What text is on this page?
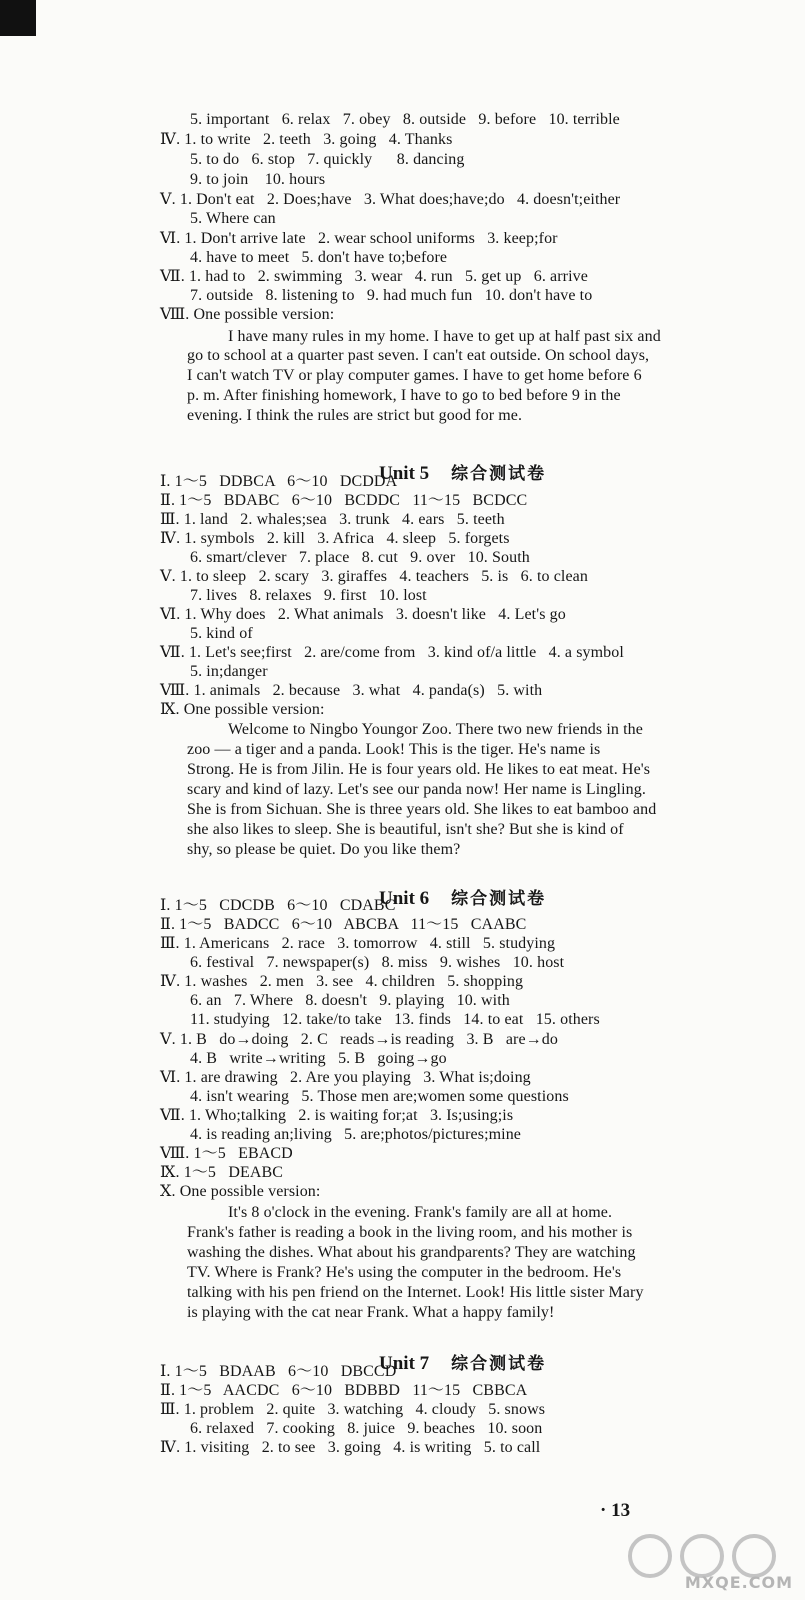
5. important   6. relax   7. obey   8. outside   9. before   10. terrible
Ⅳ. 1. to write   2. teeth   3. going   4. Thanks
5. to do   6. stop   7. quickly      8. dancing
9. to join    10. hours
Ⅴ. 1. Don't eat   2. Does;have   3. What does;have;do   4. doesn't;either
5. Where can
Ⅵ. 1. Don't arrive late   2. wear school uniforms   3. keep;for
4. have to meet   5. don't have to;before
Ⅶ. 1. had to   2. swimming   3. wear   4. run   5. get up   6. arrive
7. outside   8. listening to   9. had much fun   10. don't have to
Ⅷ. One possible version:
I have many rules in my home. I have to get up at half past six and
go to school at a quarter past seven. I can't eat outside. On school days,
I can't watch TV or play computer games. I have to get home before 6
p. m. After finishing homework, I have to go to bed before 9 in the
evening. I think the rules are strict but good for me.

Unit 5 综合测试卷

Ⅰ. 1～5   DDBCA   6～10   DCDDA
Ⅱ. 1～5   BDABC   6～10   BCDDC   11～15   BCDCC
Ⅲ. 1. land   2. whales;sea   3. trunk   4. ears   5. teeth
Ⅳ. 1. symbols   2. kill   3. Africa   4. sleep   5. forgets
6. smart/clever   7. place   8. cut   9. over   10. South
Ⅴ. 1. to sleep   2. scary   3. giraffes   4. teachers   5. is   6. to clean
7. lives   8. relaxes   9. first   10. lost
Ⅵ. 1. Why does   2. What animals   3. doesn't like   4. Let's go
5. kind of
Ⅶ. 1. Let's see;first   2. are/come from   3. kind of/a little   4. a symbol
5. in;danger
Ⅷ. 1. animals   2. because   3. what   4. panda(s)   5. with
Ⅸ. One possible version:
Welcome to Ningbo Youngor Zoo. There two new friends in the
zoo — a tiger and a panda. Look! This is the tiger. He's name is
Strong. He is from Jilin. He is four years old. He likes to eat meat. He's
scary and kind of lazy. Let's see our panda now! Her name is Lingling.
She is from Sichuan. She is three years old. She likes to eat bamboo and
she also likes to sleep. She is beautiful, isn't she? But she is kind of
shy, so please be quiet. Do you like them?

Unit 6 综合测试卷

Ⅰ. 1～5   CDCDB   6～10   CDABC
Ⅱ. 1～5   BADCC   6～10   ABCBA   11～15   CAABC
Ⅲ. 1. Americans   2. race   3. tomorrow   4. still   5. studying
6. festival   7. newspaper(s)   8. miss   9. wishes   10. host
Ⅳ. 1. washes   2. men   3. see   4. children   5. shopping
6. an   7. Where   8. doesn't   9. playing   10. with
11. studying   12. take/to take   13. finds   14. to eat   15. others
Ⅴ. 1. B   do→doing   2. C   reads→is reading   3. B   are→do
4. B   write→writing   5. B   going→go
Ⅵ. 1. are drawing   2. Are you playing   3. What is;doing
4. isn't wearing   5. Those men are;women some questions
Ⅶ. 1. Who;talking   2. is waiting for;at   3. Is;using;is
4. is reading an;living   5. are;photos/pictures;mine
Ⅷ. 1～5   EBACD
Ⅸ. 1～5   DEABC
Ⅹ. One possible version:
It's 8 o'clock in the evening. Frank's family are all at home.
Frank's father is reading a book in the living room, and his mother is
washing the dishes. What about his grandparents? They are watching
TV. Where is Frank? He's using the computer in the bedroom. He's
talking with his pen friend on the Internet. Look! His little sister Mary
is playing with the cat near Frank. What a happy family!

Unit 7 综合测试卷

Ⅰ. 1～5   BDAAB   6～10   DBCCD
Ⅱ. 1～5   AACDC   6～10   BDBBD   11～15   CBBCA
Ⅲ. 1. problem   2. quite   3. watching   4. cloudy   5. snows
6. relaxed   7. cooking   8. juice   9. beaches   10. soon
Ⅳ. 1. visiting   2. to see   3. going   4. is writing   5. to call
· 13
MXQE.COM
